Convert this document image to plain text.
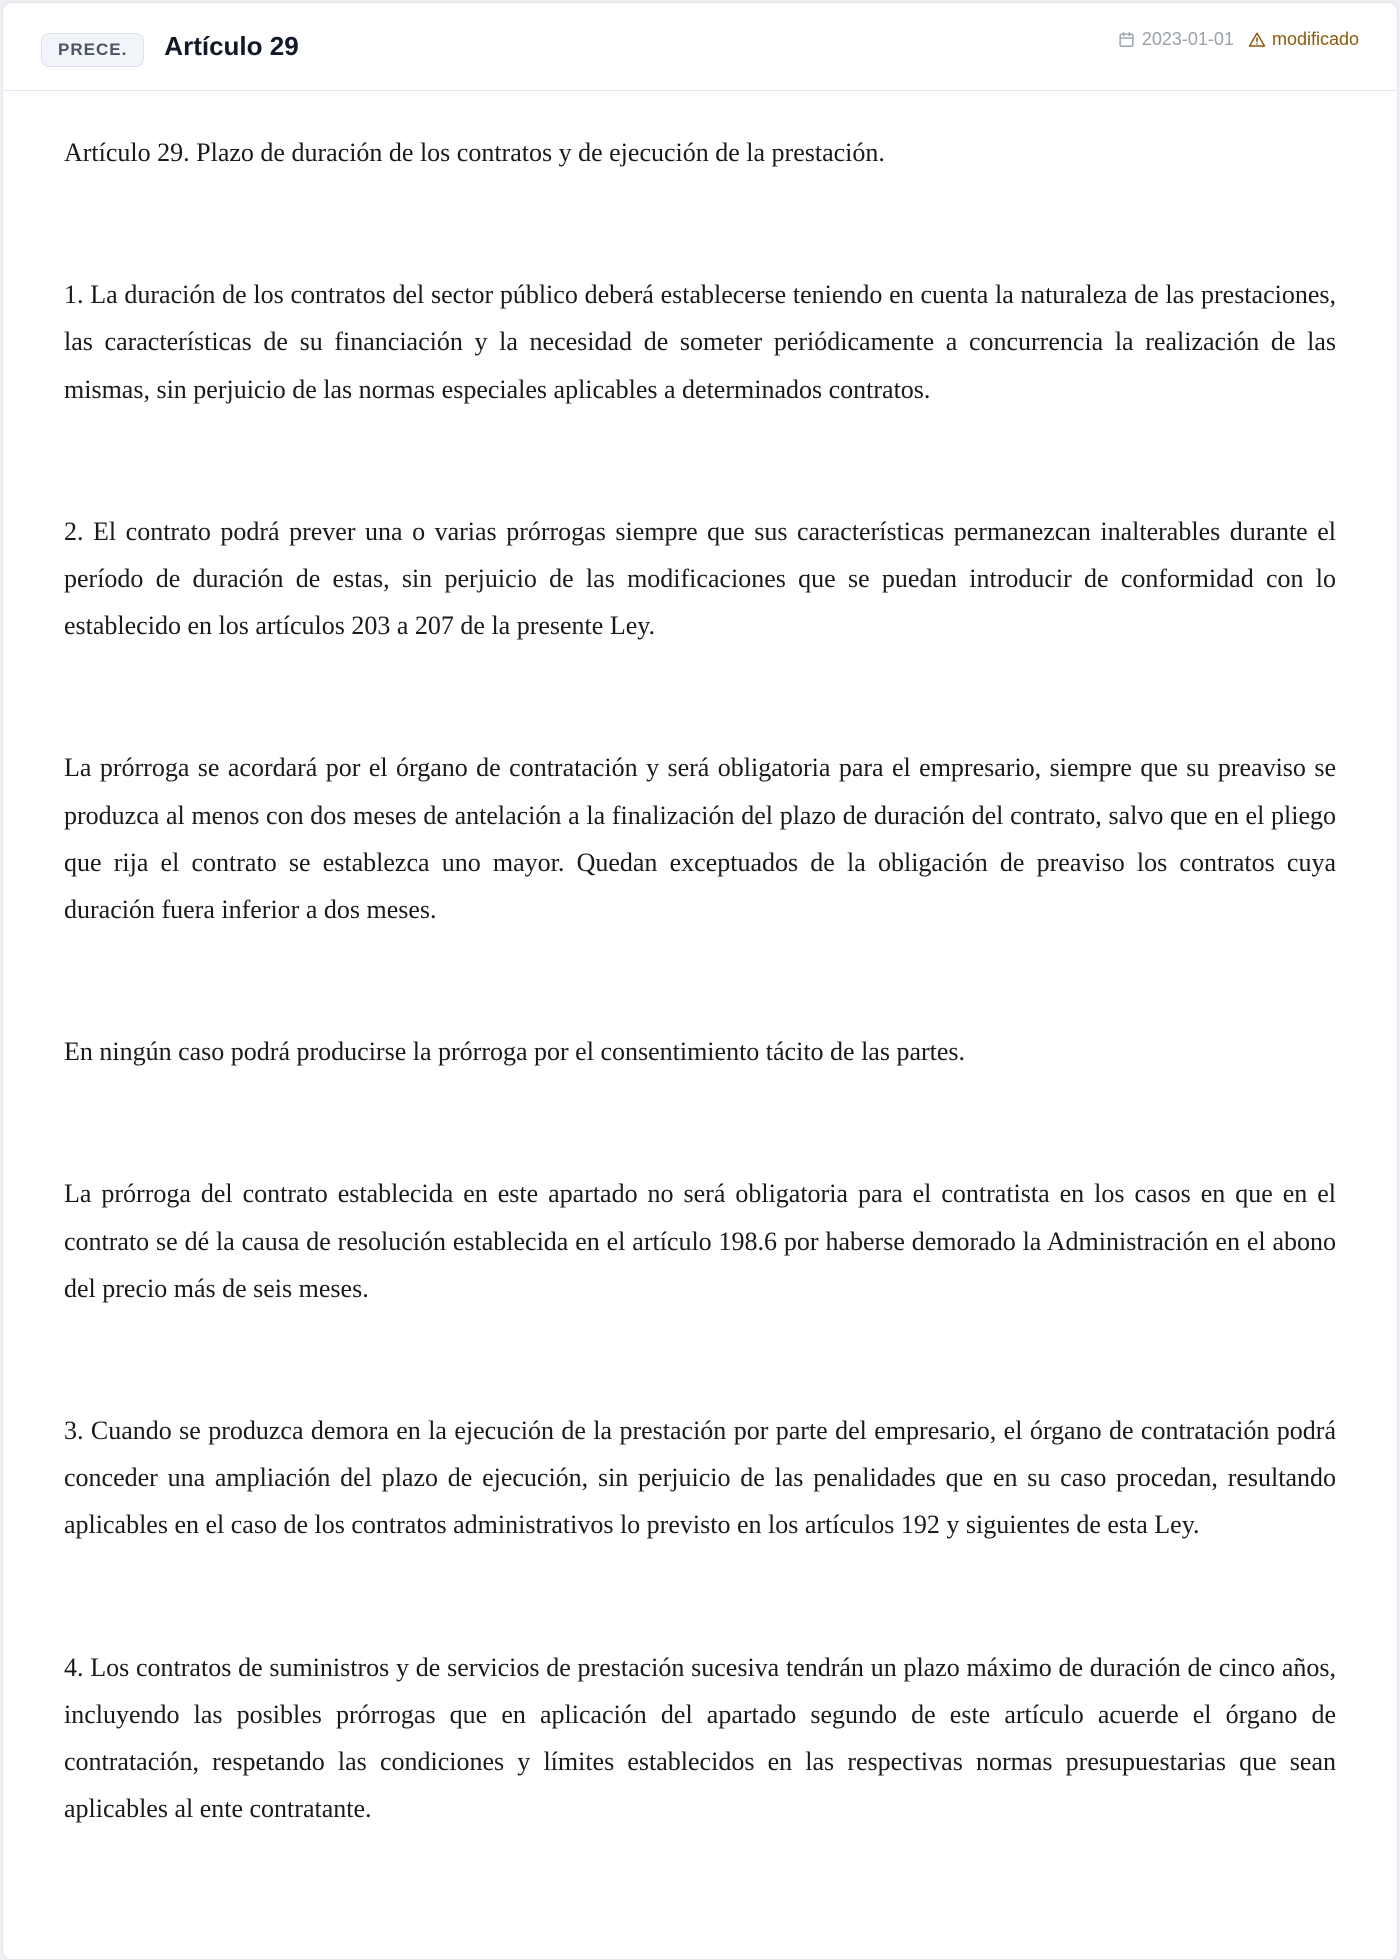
PRECE.	Artículo 29	2023-01-01 modificado

Artículo 29. Plazo de duración de los contratos y de ejecución de la prestación.

1. La duración de los contratos del sector público deberá establecerse teniendo en cuenta la naturaleza de las prestaciones, las características de su financiación y la necesidad de someter periódicamente a concurrencia la realización de las mismas, sin perjuicio de las normas especiales aplicables a determinados contratos.

2. El contrato podrá prever una o varias prórrogas siempre que sus características permanezcan inalterables durante el período de duración de estas, sin perjuicio de las modificaciones que se puedan introducir de conformidad con lo establecido en los artículos 203 a 207 de la presente Ley.

La prórroga se acordará por el órgano de contratación y será obligatoria para el empresario, siempre que su preaviso se produzca al menos con dos meses de antelación a la finalización del plazo de duración del contrato, salvo que en el pliego que rija el contrato se establezca uno mayor. Quedan exceptuados de la obligación de preaviso los contratos cuya duración fuera inferior a dos meses.

En ningún caso podrá producirse la prórroga por el consentimiento tácito de las partes.

La prórroga del contrato establecida en este apartado no será obligatoria para el contratista en los casos en que en el contrato se dé la causa de resolución establecida en el artículo 198.6 por haberse demorado la Administración en el abono del precio más de seis meses.

3. Cuando se produzca demora en la ejecución de la prestación por parte del empresario, el órgano de contratación podrá conceder una ampliación del plazo de ejecución, sin perjuicio de las penalidades que en su caso procedan, resultando aplicables en el caso de los contratos administrativos lo previsto en los artículos 192 y siguientes de esta Ley.

4. Los contratos de suministros y de servicios de prestación sucesiva tendrán un plazo máximo de duración de cinco años, incluyendo las posibles prórrogas que en aplicación del apartado segundo de este artículo acuerde el órgano de contratación, respetando las condiciones y límites establecidos en las respectivas normas presupuestarias que sean aplicables al ente contratante.
